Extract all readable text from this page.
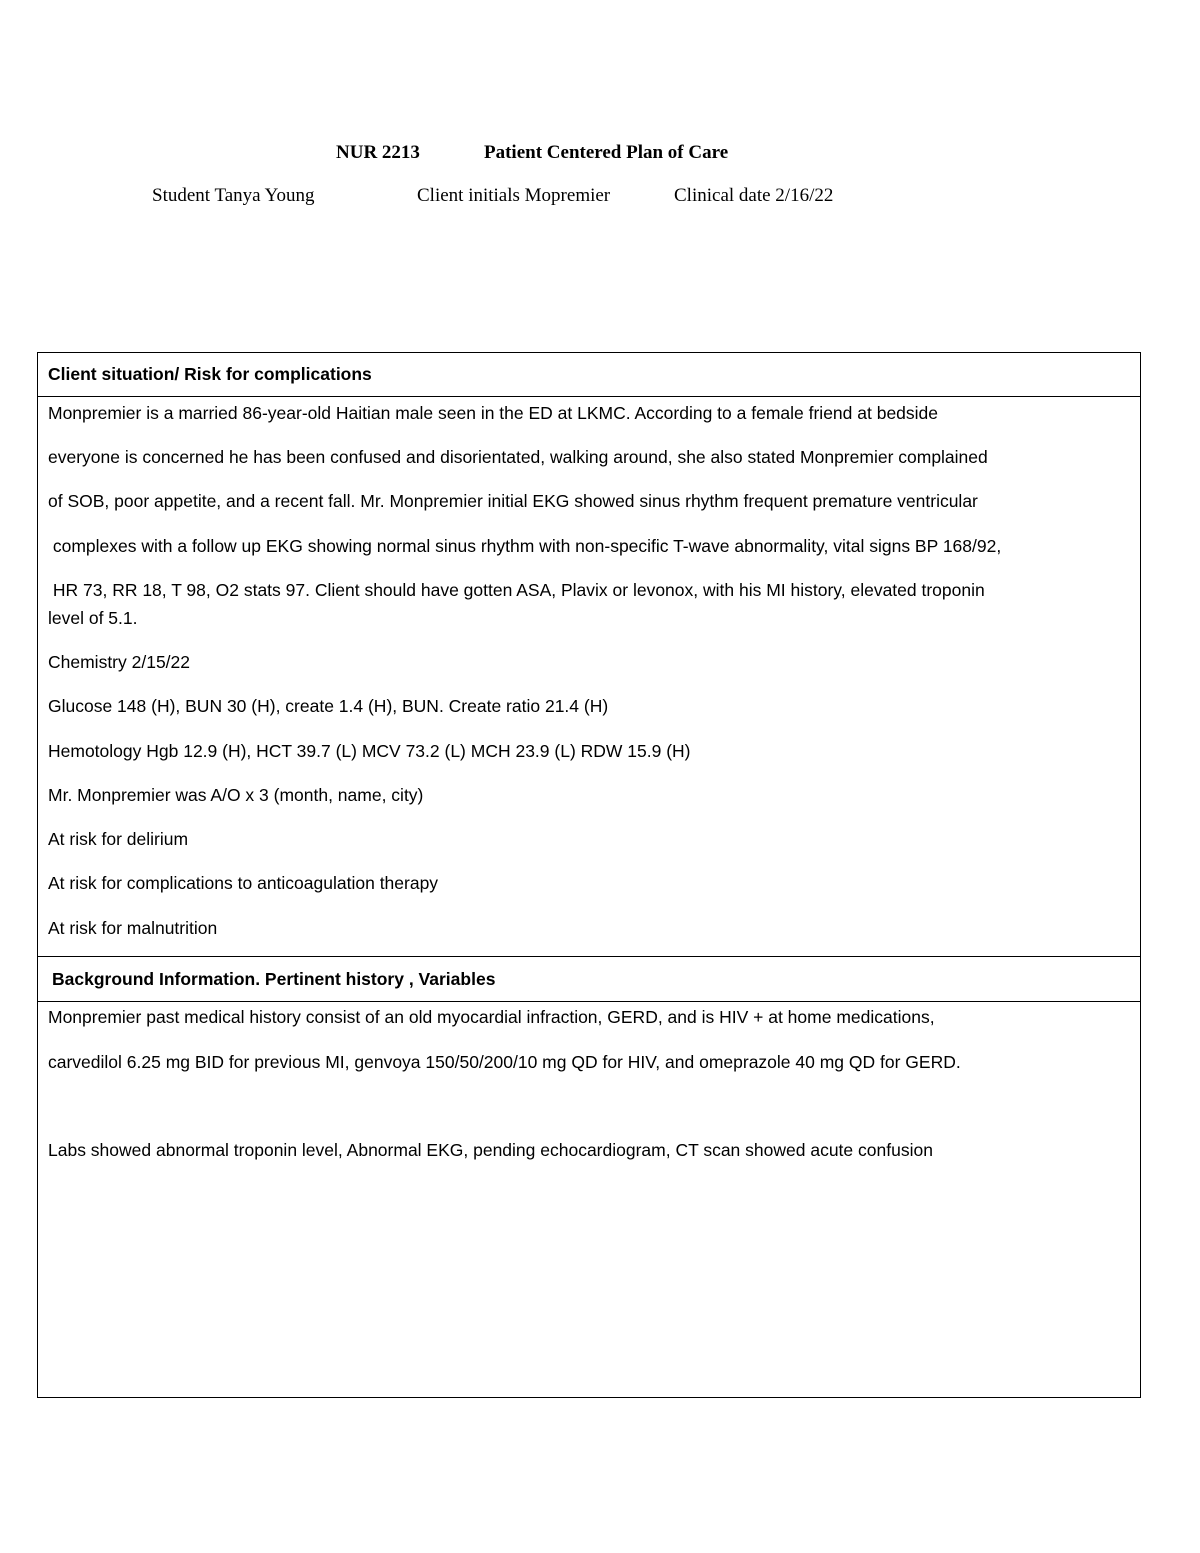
NUR 2213	Patient Centered Plan of Care
Student Tanya Young	Client initials Mopremier	Clinical date 2/16/22
Client situation/ Risk for complications
Monpremier is a married 86-year-old Haitian male seen in the ED at LKMC. According to a female friend at bedside
everyone is concerned he has been confused and disorientated, walking around, she also stated Monpremier complained
of SOB, poor appetite, and a recent fall. Mr. Monpremier initial EKG showed sinus rhythm frequent premature ventricular
complexes with a follow up EKG showing normal sinus rhythm with non-specific T-wave abnormality, vital signs BP 168/92,
HR 73, RR 18, T 98, O2 stats 97. Client should have gotten ASA, Plavix or levonox, with his MI history, elevated troponin
level of 5.1.
Chemistry 2/15/22
Glucose 148 (H), BUN 30 (H), create 1.4 (H), BUN. Create ratio 21.4 (H)
Hemotology Hgb 12.9 (H), HCT 39.7 (L) MCV 73.2 (L) MCH 23.9 (L) RDW 15.9 (H)
Mr. Monpremier was A/O x 3 (month, name, city)
At risk for delirium
At risk for complications to anticoagulation therapy
At risk for malnutrition
Background Information. Pertinent history , Variables
Monpremier past medical history consist of an old myocardial infraction, GERD, and is HIV + at home medications,
carvedilol 6.25 mg BID for previous MI, genvoya 150/50/200/10 mg QD for HIV, and omeprazole 40 mg QD for GERD.
Labs showed abnormal troponin level, Abnormal EKG, pending echocardiogram, CT scan showed acute confusion
